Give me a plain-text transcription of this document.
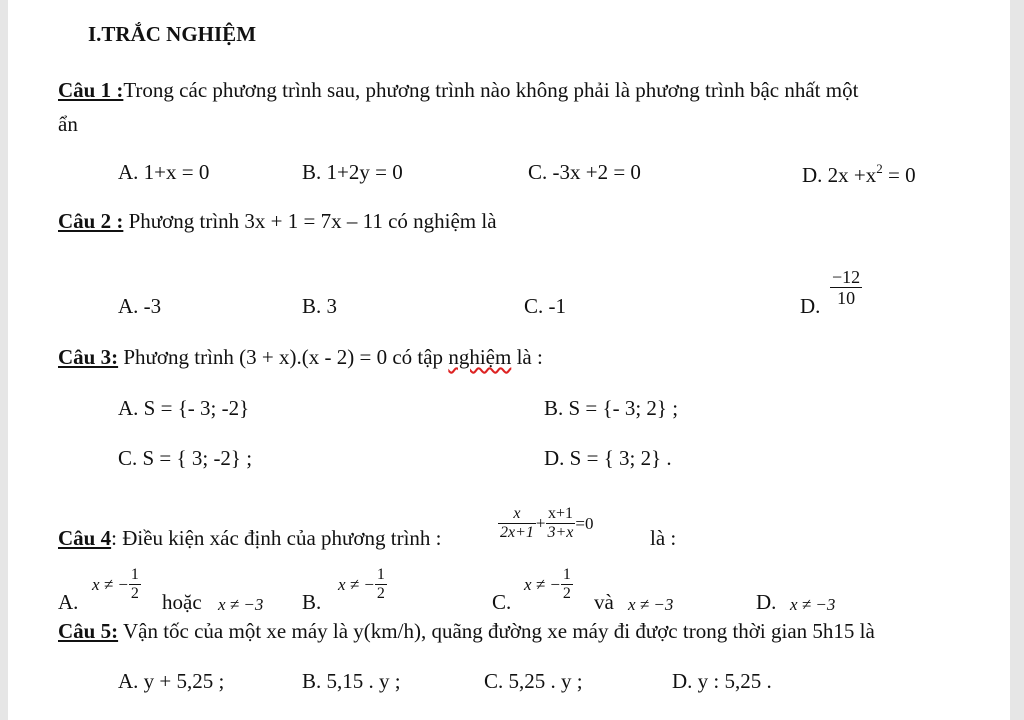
I.TRẮC NGHIỆM
Câu 1 :Trong các phương trình sau, phương trình nào không phải là phương trình bậc nhất một
ẩn
A. 1+x = 0	B. 1+2y = 0	C. -3x +2 = 0	D. $2x +x^2 = 0$
Câu 2 : Phương trình 3x + 1 = 7x – 11 có nghiệm là
A. -3	B. 3	C. -1	D. $\frac{-12}{10}$
Câu 3: Phương trình (3 + x).(x - 2) = 0 có tập nghiệm là :
A. S = {- 3; -2}	B. S = {- 3; 2} ;
C. S = { 3; -2} ;	D. S = { 3; 2} .
Câu 4: Điều kiện xác định của phương trình :	$\frac{x}{2x+1} + \frac{x+1}{3+x} =0$
là :
A.
x ≠ − $\frac{1}{2}$ hoặc x ≠ −3 B.
x ≠ − $\frac{1}{2}$	C.
x ≠ − $\frac{1}{2}$ và x ≠ −3	D. x ≠ −3
Câu 5: Vận tốc của một xe máy là y(km/h), quãng đường xe máy đi được trong thời gian 5h15 là
A. y + 5,25 ;	B. 5,15 . y ;	C. 5,25 . y ;	D. y : 5,25 .
